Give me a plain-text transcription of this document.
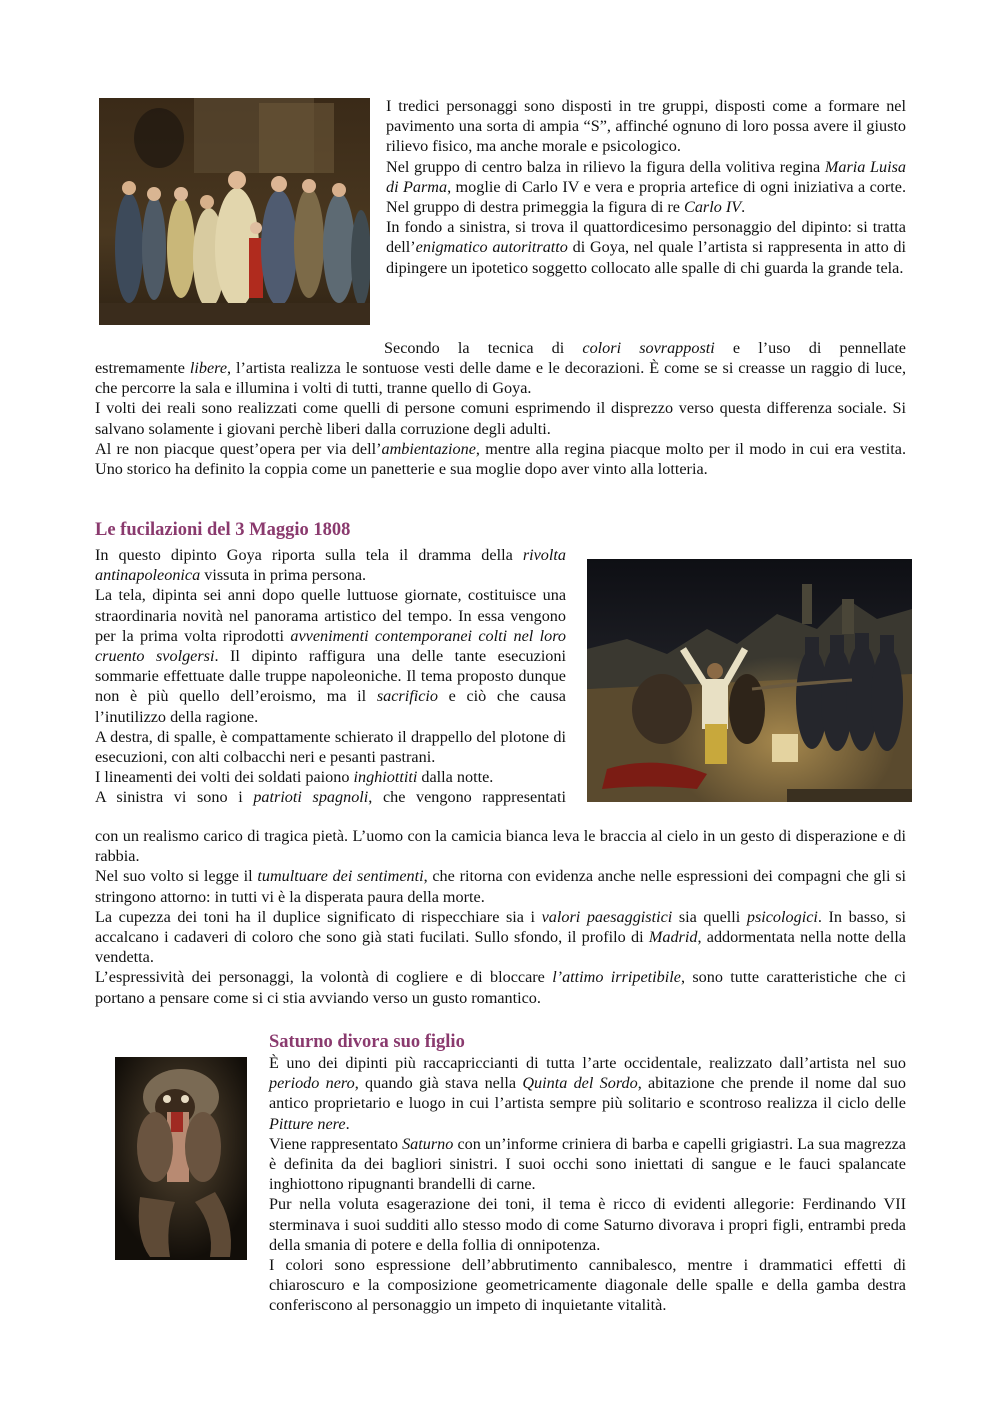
I tredici personaggi sono disposti in tre gruppi, disposti come a formare nel pavimento una sorta di ampia “S”, affinché ognuno di loro possa avere il giusto rilievo fisico, ma anche morale e psicologico.

Nel gruppo di centro balza in rilievo la figura della volitiva regina Maria Luisa di Parma, moglie di Carlo IV e vera e propria artefice di ogni iniziativa a corte. Nel gruppo di destra primeggia la figura di re Carlo IV.

In fondo a sinistra, si trova il quattordicesimo personaggio del dipinto: si tratta dell’enigmatico autoritratto di Goya, nel quale l’artista si rappresenta in atto di dipingere un ipotetico soggetto collocato alle spalle di chi guarda la grande tela.

Secondo la tecnica di colori sovrapposti e l’uso di pennellate

estremamente libere, l’artista realizza le sontuose vesti delle dame e le decorazioni. È come se si creasse un raggio di luce, che percorre la sala e illumina i volti di tutti, tranne quello di Goya.

I volti dei reali sono realizzati come quelli di persone comuni esprimendo il disprezzo verso questa differenza sociale. Si salvano solamente i giovani perchè liberi dalla corruzione degli adulti.

Al re non piacque quest’opera per via dell’ambientazione, mentre alla regina piacque molto per il modo in cui era vestita. Uno storico ha definito la coppia come un panetterie e sua moglie dopo aver vinto alla lotteria.

Le fucilazioni del 3 Maggio 1808

In questo dipinto Goya riporta sulla tela il dramma della rivolta antinapoleonica vissuta in prima persona.

La tela, dipinta sei anni dopo quelle luttuose giornate, costituisce una straordinaria novità nel panorama artistico del tempo. In essa vengono per la prima volta riprodotti avvenimenti contemporanei colti nel loro cruento svolgersi. Il dipinto raffigura una delle tante esecuzioni sommarie effettuate dalle truppe napoleoniche. Il tema proposto dunque non è più quello dell’eroismo, ma il sacrificio e ciò che causa l’inutilizzo della ragione.

A destra, di spalle, è compattamente schierato il drappello del plotone di esecuzioni, con alti colbacchi neri e pesanti pastrani.

I lineamenti dei volti dei soldati paiono inghiottiti dalla notte.

A sinistra vi sono i patrioti spagnoli, che vengono rappresentati

con un realismo carico di tragica pietà. L’uomo con la camicia bianca leva le braccia al cielo in un gesto di disperazione e di rabbia.

Nel suo volto si legge il tumultuare dei sentimenti, che ritorna con evidenza anche nelle espressioni dei compagni che gli si stringono attorno: in tutti vi è la disperata paura della morte.

La cupezza dei toni ha il duplice significato di rispecchiare sia i valori paesaggistici sia quelli psicologici. In basso, si accalcano i cadaveri di coloro che sono già stati fucilati. Sullo sfondo, il profilo di Madrid, addormentata nella notte della vendetta.

L’espressività dei personaggi, la volontà di cogliere e di bloccare l’attimo irripetibile, sono tutte caratteristiche che ci portano a pensare come si ci stia avviando verso un gusto romantico.

Saturno divora suo figlio

È uno dei dipinti più raccapriccianti di tutta l’arte occidentale, realizzato dall’artista nel suo periodo nero, quando già stava nella Quinta del Sordo, abitazione che prende il nome dal suo antico proprietario e luogo in cui l’artista sempre più solitario e scontroso realizza il ciclo delle Pitture nere.

Viene rappresentato Saturno con un’informe criniera di barba e capelli grigiastri. La sua magrezza è definita da dei bagliori sinistri. I suoi occhi sono iniettati di sangue e le fauci spalancate inghiottono ripugnanti brandelli di carne.

Pur nella voluta esagerazione dei toni, il tema è ricco di evidenti allegorie: Ferdinando VII sterminava i suoi sudditi allo stesso modo di come Saturno divorava i propri figli, entrambi preda della smania di potere e della follia di onnipotenza.

I colori sono espressione dell’abbrutimento cannibalesco, mentre i drammatici effetti di chiaroscuro e la composizione geometricamente diagonale delle spalle e della gamba destra conferiscono al personaggio un impeto di inquietante vitalità.
